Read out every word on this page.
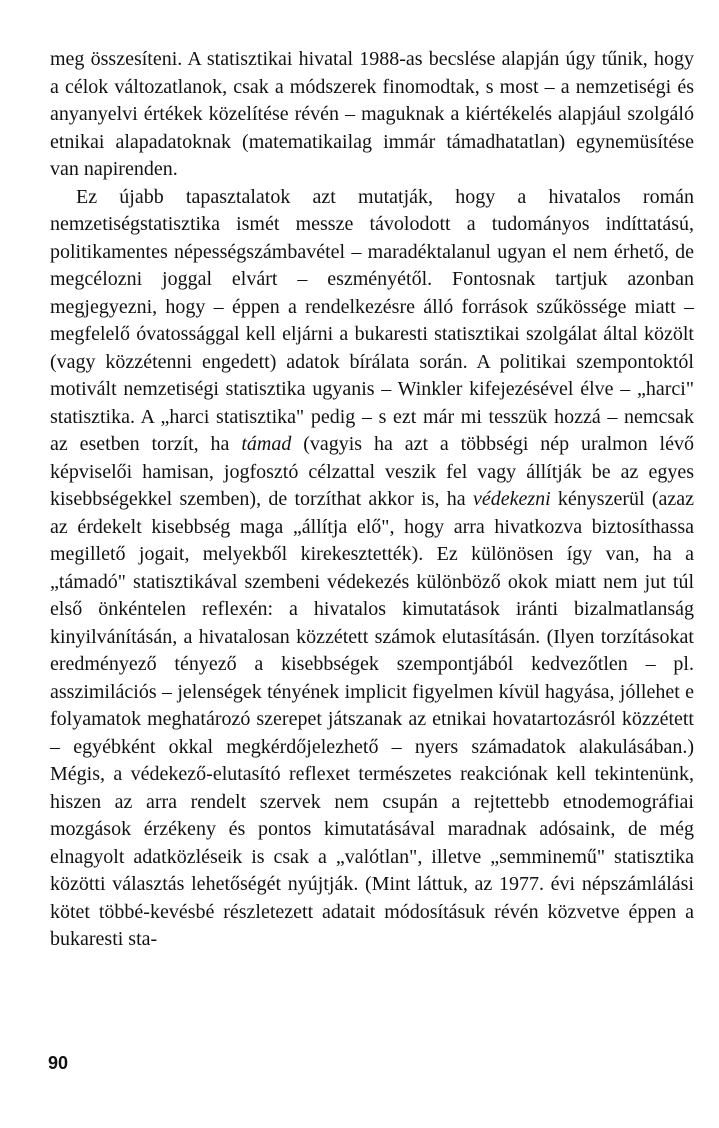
meg összesíteni. A statisztikai hivatal 1988-as becslése alapján úgy tűnik, hogy a célok változatlanok, csak a módszerek finomodtak, s most – a nemzetiségi és anyanyelvi értékek közelítése révén – maguknak a kiértékelés alapjául szolgáló etnikai alapadatoknak (matematikailag immár támadhatatlan) egynemüsítése van napirenden.

Ez újabb tapasztalatok azt mutatják, hogy a hivatalos román nemzetiségstatisztika ismét messze távolodott a tudományos indíttatású, politikamentes népességszámbavétel – maradéktalanul ugyan el nem érhető, de megcélozni joggal elvárt – eszményétől. Fontosnak tartjuk azonban megjegyezni, hogy – éppen a rendelkezésre álló források szűkössége miatt – megfelelő óvatossággal kell eljárni a bukaresti statisztikai szolgálat által közölt (vagy közzétenni engedett) adatok bírálata során. A politikai szempontoktól motivált nemzetiségi statisztika ugyanis – Winkler kifejezésével élve – „harci" statisztika. A „harci statisztika" pedig – s ezt már mi tesszük hozzá – nemcsak az esetben torzít, ha támad (vagyis ha azt a többségi nép uralmon lévő képviselői hamisan, jogfosztó célzattal veszik fel vagy állítják be az egyes kisebbségekkel szemben), de torzíthat akkor is, ha védekezni kényszerül (azaz az érdekelt kisebbség maga „állítja elő", hogy arra hivatkozva biztosíthassa megillető jogait, melyekből kirekesztették). Ez különösen így van, ha a „támadó" statisztikával szembeni védekezés különböző okok miatt nem jut túl első önkéntelen reflexén: a hivatalos kimutatások iránti bizalmatlanság kinyilvánításán, a hivatalosan közzétett számok elutasításán. (Ilyen torzításokat eredményező tényező a kisebbségek szempontjából kedvezőtlen – pl. asszimilációs – jelenségek tényének implicit figyelmen kívül hagyása, jóllehet e folyamatok meghatározó szerepet játszanak az etnikai hovatartozásról közzétett – egyébként okkal megkérdőjelezhető – nyers számadatok alakulásában.) Mégis, a védekező-elutasító reflexet természetes reakciónak kell tekintenünk, hiszen az arra rendelt szervek nem csupán a rejtettebb etnodemográfiai mozgások érzékeny és pontos kimutatásával maradnak adósaink, de még elnagyolt adatközléseik is csak a „valótlan", illetve „semminemű" statisztika közötti választás lehetőségét nyújtják. (Mint láttuk, az 1977. évi népszámlálási kötet többé-kevésbé részletezett adatait módosításuk révén közvetve éppen a bukaresti sta-

90
